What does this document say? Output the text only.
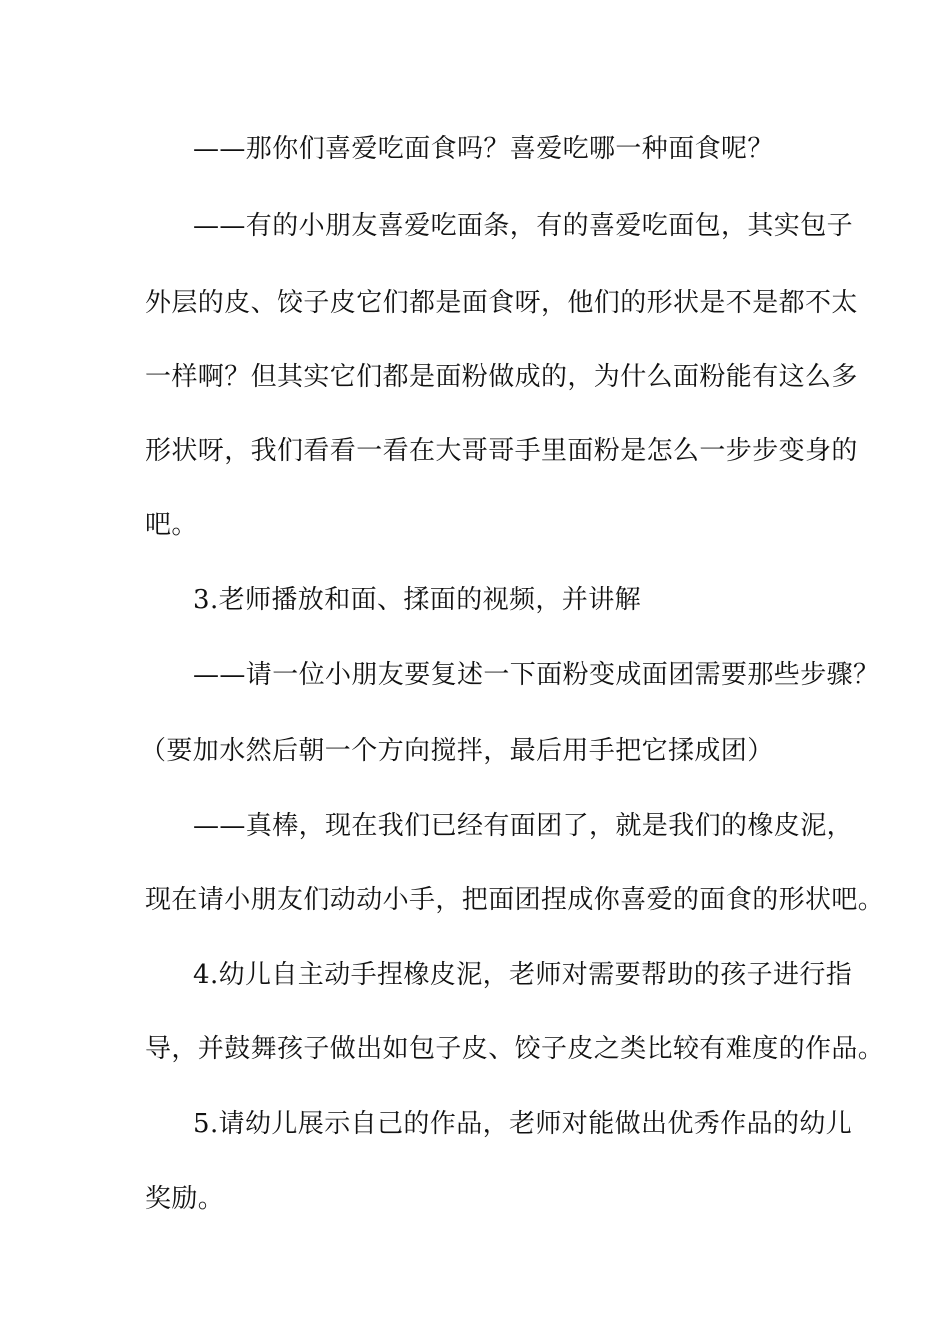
——那你们喜爱吃面食吗？喜爱吃哪一种面食呢？
——有的小朋友喜爱吃面条，有的喜爱吃面包，其实包子
外层的皮、饺子皮它们都是面食呀，他们的形状是不是都不太
一样啊？但其实它们都是面粉做成的，为什么面粉能有这么多
形状呀，我们看看一看在大哥哥手里面粉是怎么一步步变身的
吧。
3.老师播放和面、揉面的视频，并讲解
——请一位小朋友要复述一下面粉变成面团需要那些步骤？
（要加水然后朝一个方向搅拌，最后用手把它揉成团）
——真棒，现在我们已经有面团了，就是我们的橡皮泥，
现在请小朋友们动动小手，把面团捏成你喜爱的面食的形状吧。
4.幼儿自主动手捏橡皮泥，老师对需要帮助的孩子进行指
导，并鼓舞孩子做出如包子皮、饺子皮之类比较有难度的作品。
5.请幼儿展示自己的作品，老师对能做出优秀作品的幼儿
奖励。
